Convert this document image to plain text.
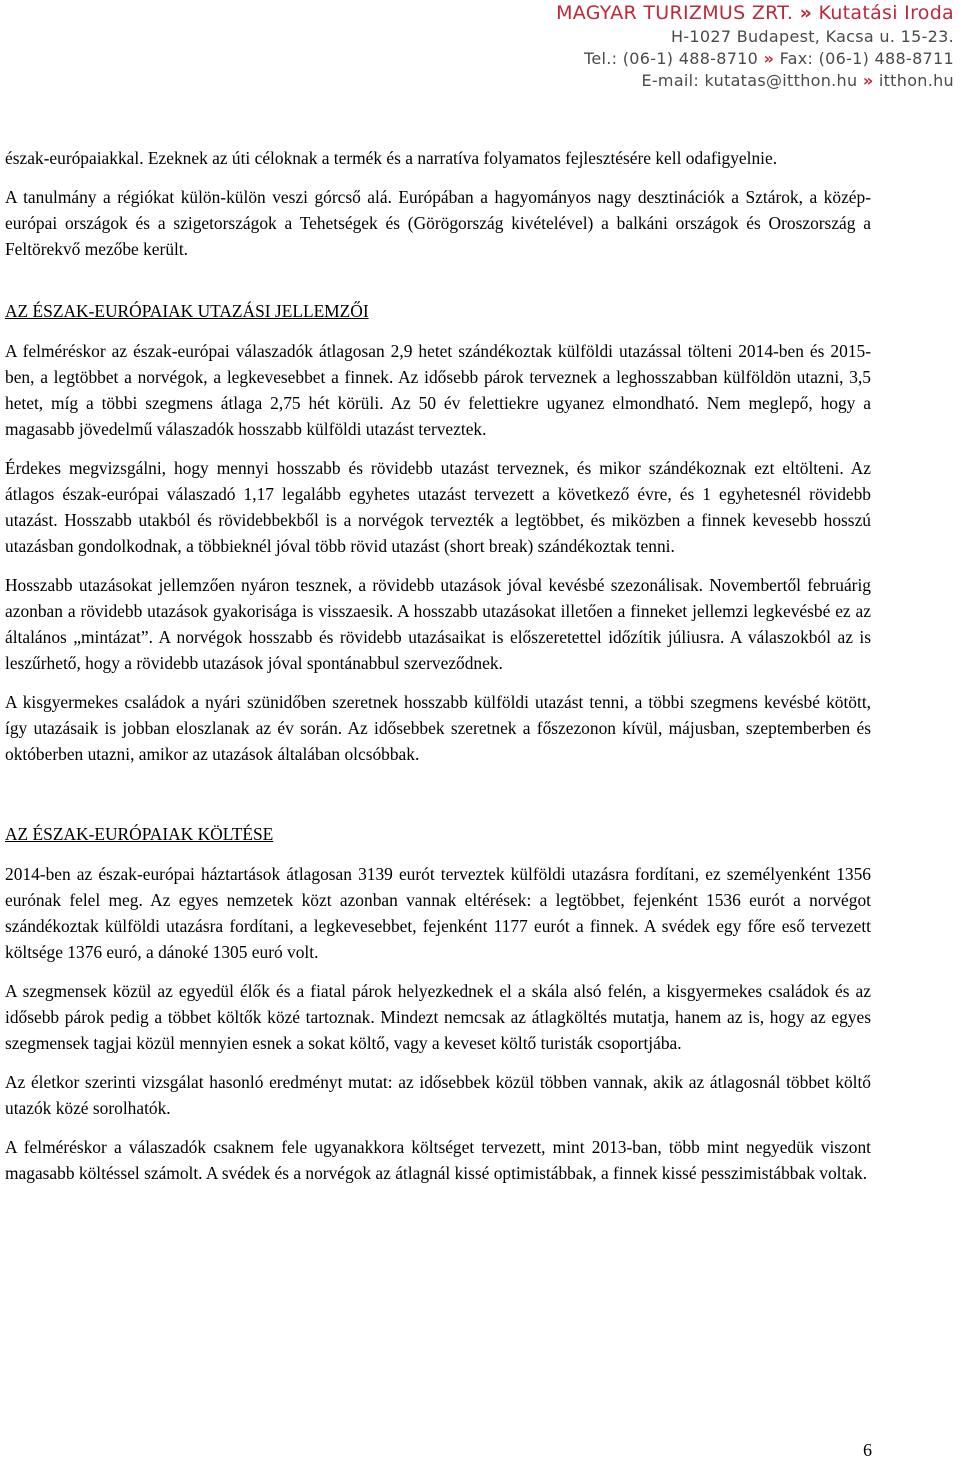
MAGYAR TURIZMUS ZRT. » Kutatási Iroda
H-1027 Budapest, Kacsa u. 15-23.
Tel.: (06-1) 488-8710 » Fax: (06-1) 488-8711
E-mail: kutatas@itthon.hu » itthon.hu

észak-európaiakkal. Ezeknek az úti céloknak a termék és a narratíva folyamatos fejlesztésére kell odafigyelnie.

A tanulmány a régiókat külön-külön veszi górcső alá. Európában a hagyományos nagy desztinációk a Sztárok, a közép-európai országok és a szigetországok a Tehetségek és (Görögország kivételével) a balkáni országok és Oroszország a Feltörekvő mezőbe került.

AZ ÉSZAK-EURÓPAIAK UTAZÁSI JELLEMZŐI

A felméréskor az észak-európai válaszadók átlagosan 2,9 hetet szándékoztak külföldi utazással tölteni 2014-ben és 2015-ben, a legtöbbet a norvégok, a legkevesebbet a finnek. Az idősebb párok terveznek a leghosszabban külföldön utazni, 3,5 hetet, míg a többi szegmens átlaga 2,75 hét körüli. Az 50 év felettiekre ugyanez elmondható. Nem meglepő, hogy a magasabb jövedelmű válaszadók hosszabb külföldi utazást terveztek.

Érdekes megvizsgálni, hogy mennyi hosszabb és rövidebb utazást terveznek, és mikor szándékoznak ezt eltölteni. Az átlagos észak-európai válaszadó 1,17 legalább egyhetes utazást tervezett a következő évre, és 1 egyhetesnél rövidebb utazást. Hosszabb utakból és rövidebbekből is a norvégok tervezték a legtöbbet, és miközben a finnek kevesebb hosszú utazásban gondolkodnak, a többieknél jóval több rövid utazást (short break) szándékoztak tenni.

Hosszabb utazásokat jellemzően nyáron tesznek, a rövidebb utazások jóval kevésbé szezonálisak. Novembertől februárig azonban a rövidebb utazások gyakorisága is visszaesik. A hosszabb utazásokat illetően a finneket jellemzi legkevésbé ez az általános „mintázat”. A norvégok hosszabb és rövidebb utazásaikat is előszeretettel időzítik júliusra. A válaszokból az is leszűrhető, hogy a rövidebb utazások jóval spontánabbul szerveződnek.

A kisgyermekes családok a nyári szünidőben szeretnek hosszabb külföldi utazást tenni, a többi szegmens kevésbé kötött, így utazásaik is jobban eloszlanak az év során. Az idősebbek szeretnek a főszezonon kívül, májusban, szeptemberben és októberben utazni, amikor az utazások általában olcsóbbak.

AZ ÉSZAK-EURÓPAIAK KÖLTÉSE

2014-ben az észak-európai háztartások átlagosan 3139 eurót terveztek külföldi utazásra fordítani, ez személyenként 1356 eurónak felel meg. Az egyes nemzetek közt azonban vannak eltérések: a legtöbbet, fejenként 1536 eurót a norvégot szándékoztak külföldi utazásra fordítani, a legkevesebbet, fejenként 1177 eurót a finnek. A svédek egy főre eső tervezett költsége 1376 euró, a dánoké 1305 euró volt.

A szegmensek közül az egyedül élők és a fiatal párok helyezkednek el a skála alsó felén, a kisgyermekes családok és az idősebb párok pedig a többet költők közé tartoznak. Mindezt nemcsak az átlagköltés mutatja, hanem az is, hogy az egyes szegmensek tagjai közül mennyien esnek a sokat költő, vagy a keveset költő turisták csoportjába.

Az életkor szerinti vizsgálat hasonló eredményt mutat: az idősebbek közül többen vannak, akik az átlagosnál többet költő utazók közé sorolhatók.

A felméréskor a válaszadók csaknem fele ugyanakkora költséget tervezett, mint 2013-ban, több mint negyedük viszont magasabb költéssel számolt. A svédek és a norvégok az átlagnál kissé optimistábbak, a finnek kissé pesszimistábbak voltak.

6
